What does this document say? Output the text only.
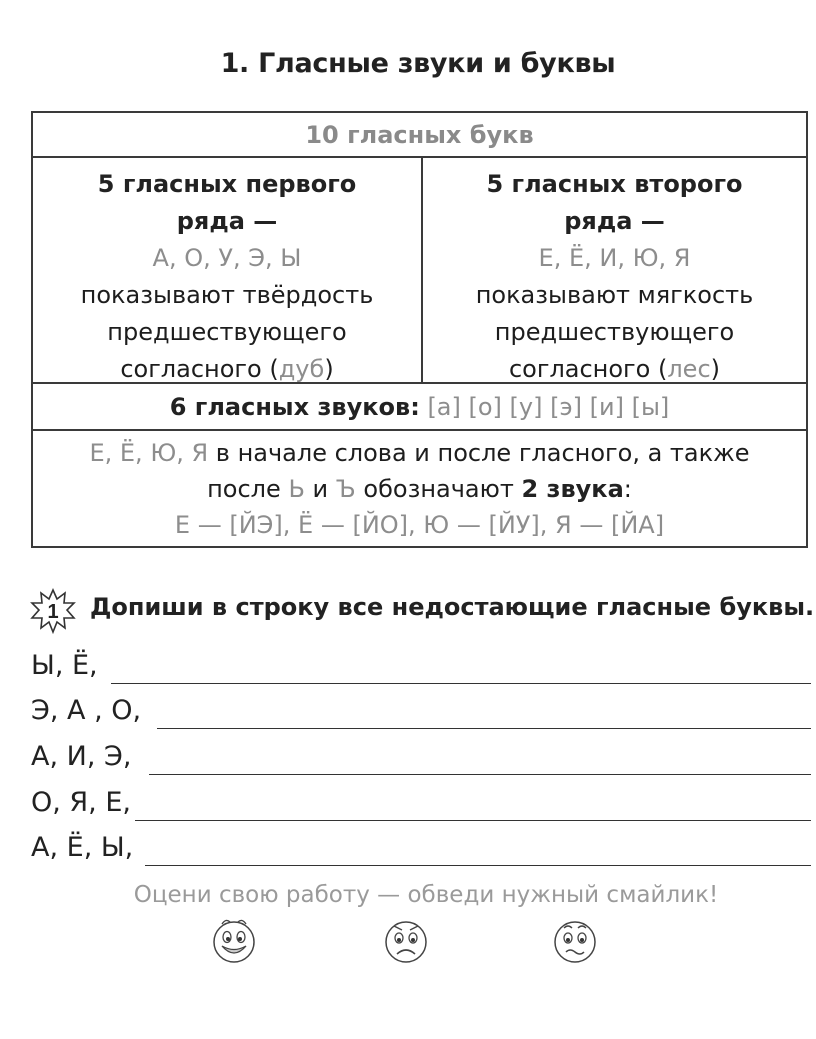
1. Гласные звуки и буквы
10 гласных букв
5 гласных первого
ряда —
А, О, У, Э, Ы
показывают твёрдость
предшествующего
согласного (дуб)
5 гласных второго
ряда —
Е, Ё, И, Ю, Я
показывают мягкость
предшествующего
согласного (лес)
6 гласных звуков: [а] [о] [у] [э] [и] [ы]
Е, Ё, Ю, Я в начале слова и после гласного, а также
после Ь и Ъ обозначают 2 звука:
Е — [ЙЭ], Ё — [ЙО], Ю — [ЙУ], Я — [ЙА]
1 Допиши в строку все недостающие гласные буквы.
Ы, Ё,
Э, А , О,
А, И, Э,
О, Я, Е,
А, Ё, Ы,
Оцени свою работу — обведи нужный смайлик!
